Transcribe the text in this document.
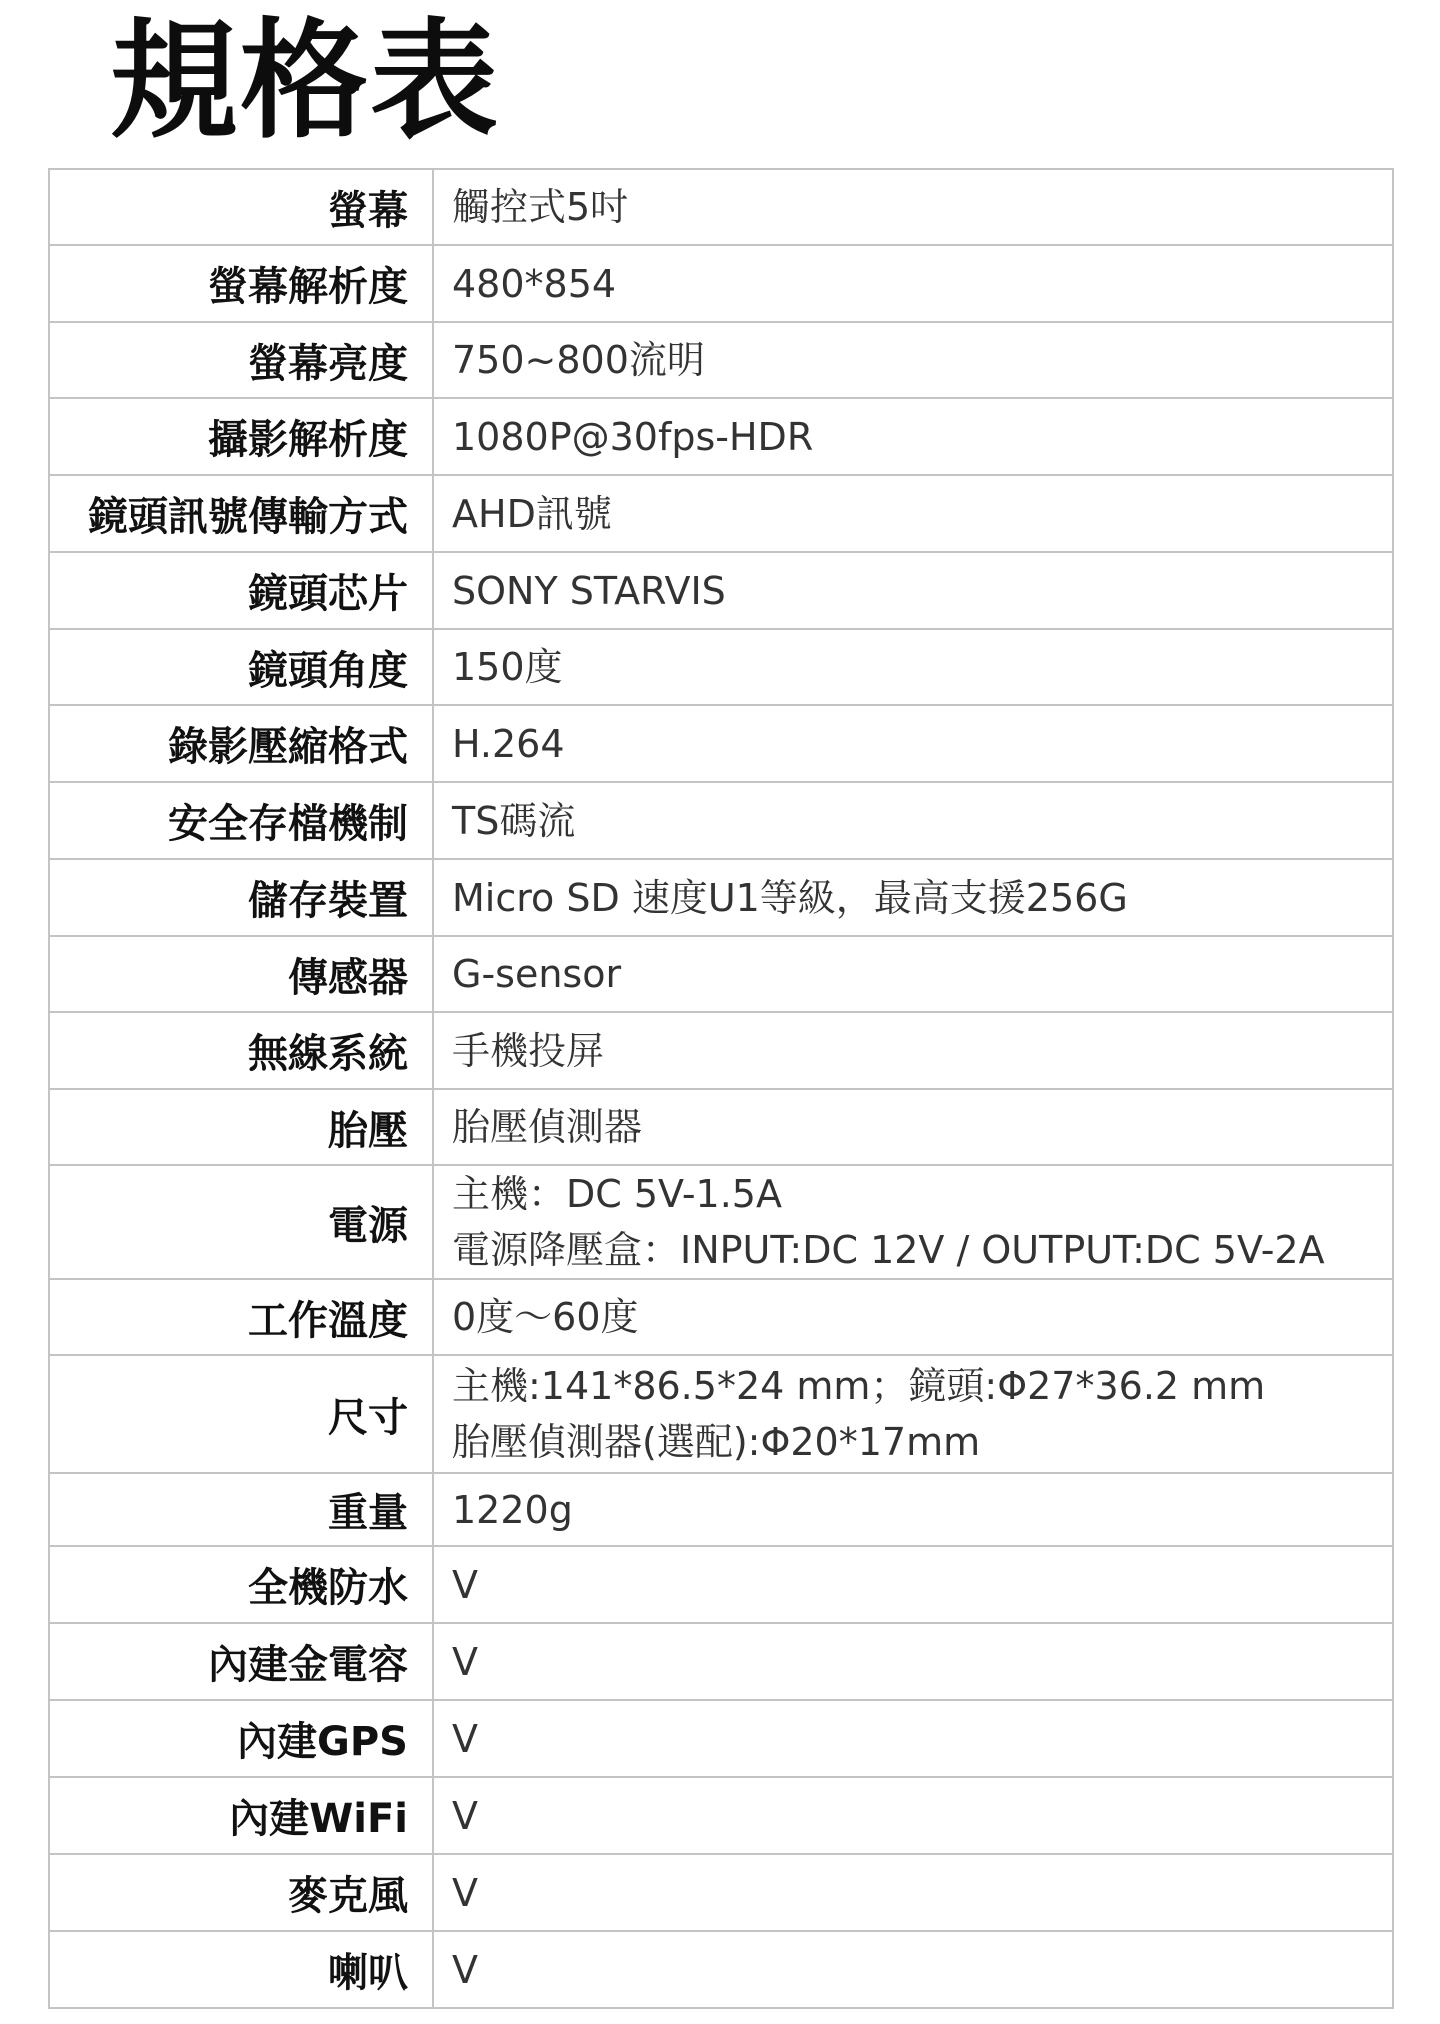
規格表
螢幕	觸控式5吋

螢幕解析度	480*854

螢幕亮度	750~800流明

攝影解析度	1080P@30fps-HDR

鏡頭訊號傳輸方式	AHD訊號

鏡頭芯片	SONY STARVIS

鏡頭角度	150度

錄影壓縮格式	H.264

安全存檔機制	TS碼流

儲存裝置	Micro SD 速度U1等級，最高支援256G

傳感器	G-sensor

無線系統	手機投屏

胎壓	胎壓偵測器

電源	主機：DC 5V-1.5A
電源降壓盒：INPUT:DC 12V / OUTPUT:DC 5V-2A

工作溫度	0度～60度

尺寸	主機:141*86.5*24 mm；鏡頭:Φ27*36.2 mm
胎壓偵測器(選配):Φ20*17mm

重量	1220g

全機防水	V

內建金電容	V

內建GPS	V

內建WiFi	V

麥克風	V

喇叭	V
